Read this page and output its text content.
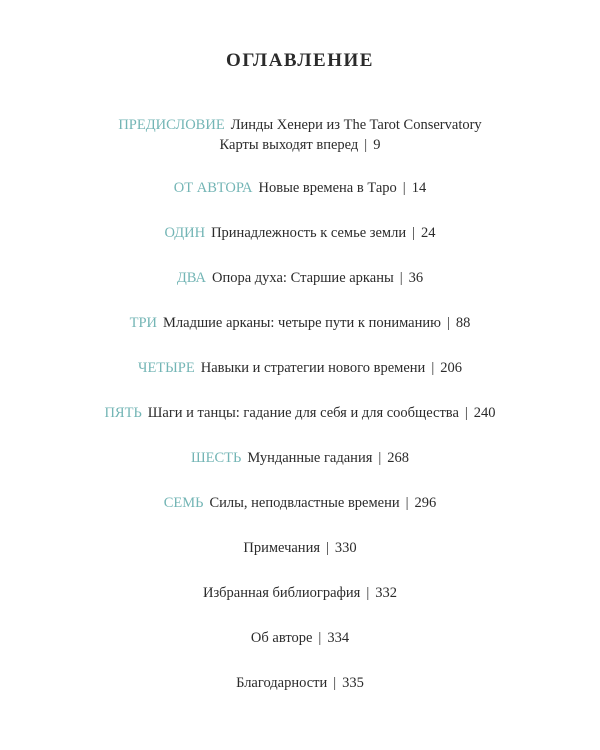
ОГЛАВЛЕНИЕ
ПРЕДИСЛОВИЕ Линды Хенери из The Tarot Conservatory
Карты выходят вперед | 9
ОТ АВТОРА Новые времена в Таро | 14
ОДИН Принадлежность к семье земли | 24
ДВА Опора духа: Старшие арканы | 36
ТРИ Младшие арканы: четыре пути к пониманию | 88
ЧЕТЫРЕ Навыки и стратегии нового времени | 206
ПЯТЬ Шаги и танцы: гадание для себя и для сообщества | 240
ШЕСТЬ Мунданные гадания | 268
СЕМЬ Силы, неподвластные времени | 296
Примечания | 330
Избранная библиография | 332
Об авторе | 334
Благодарности | 335
